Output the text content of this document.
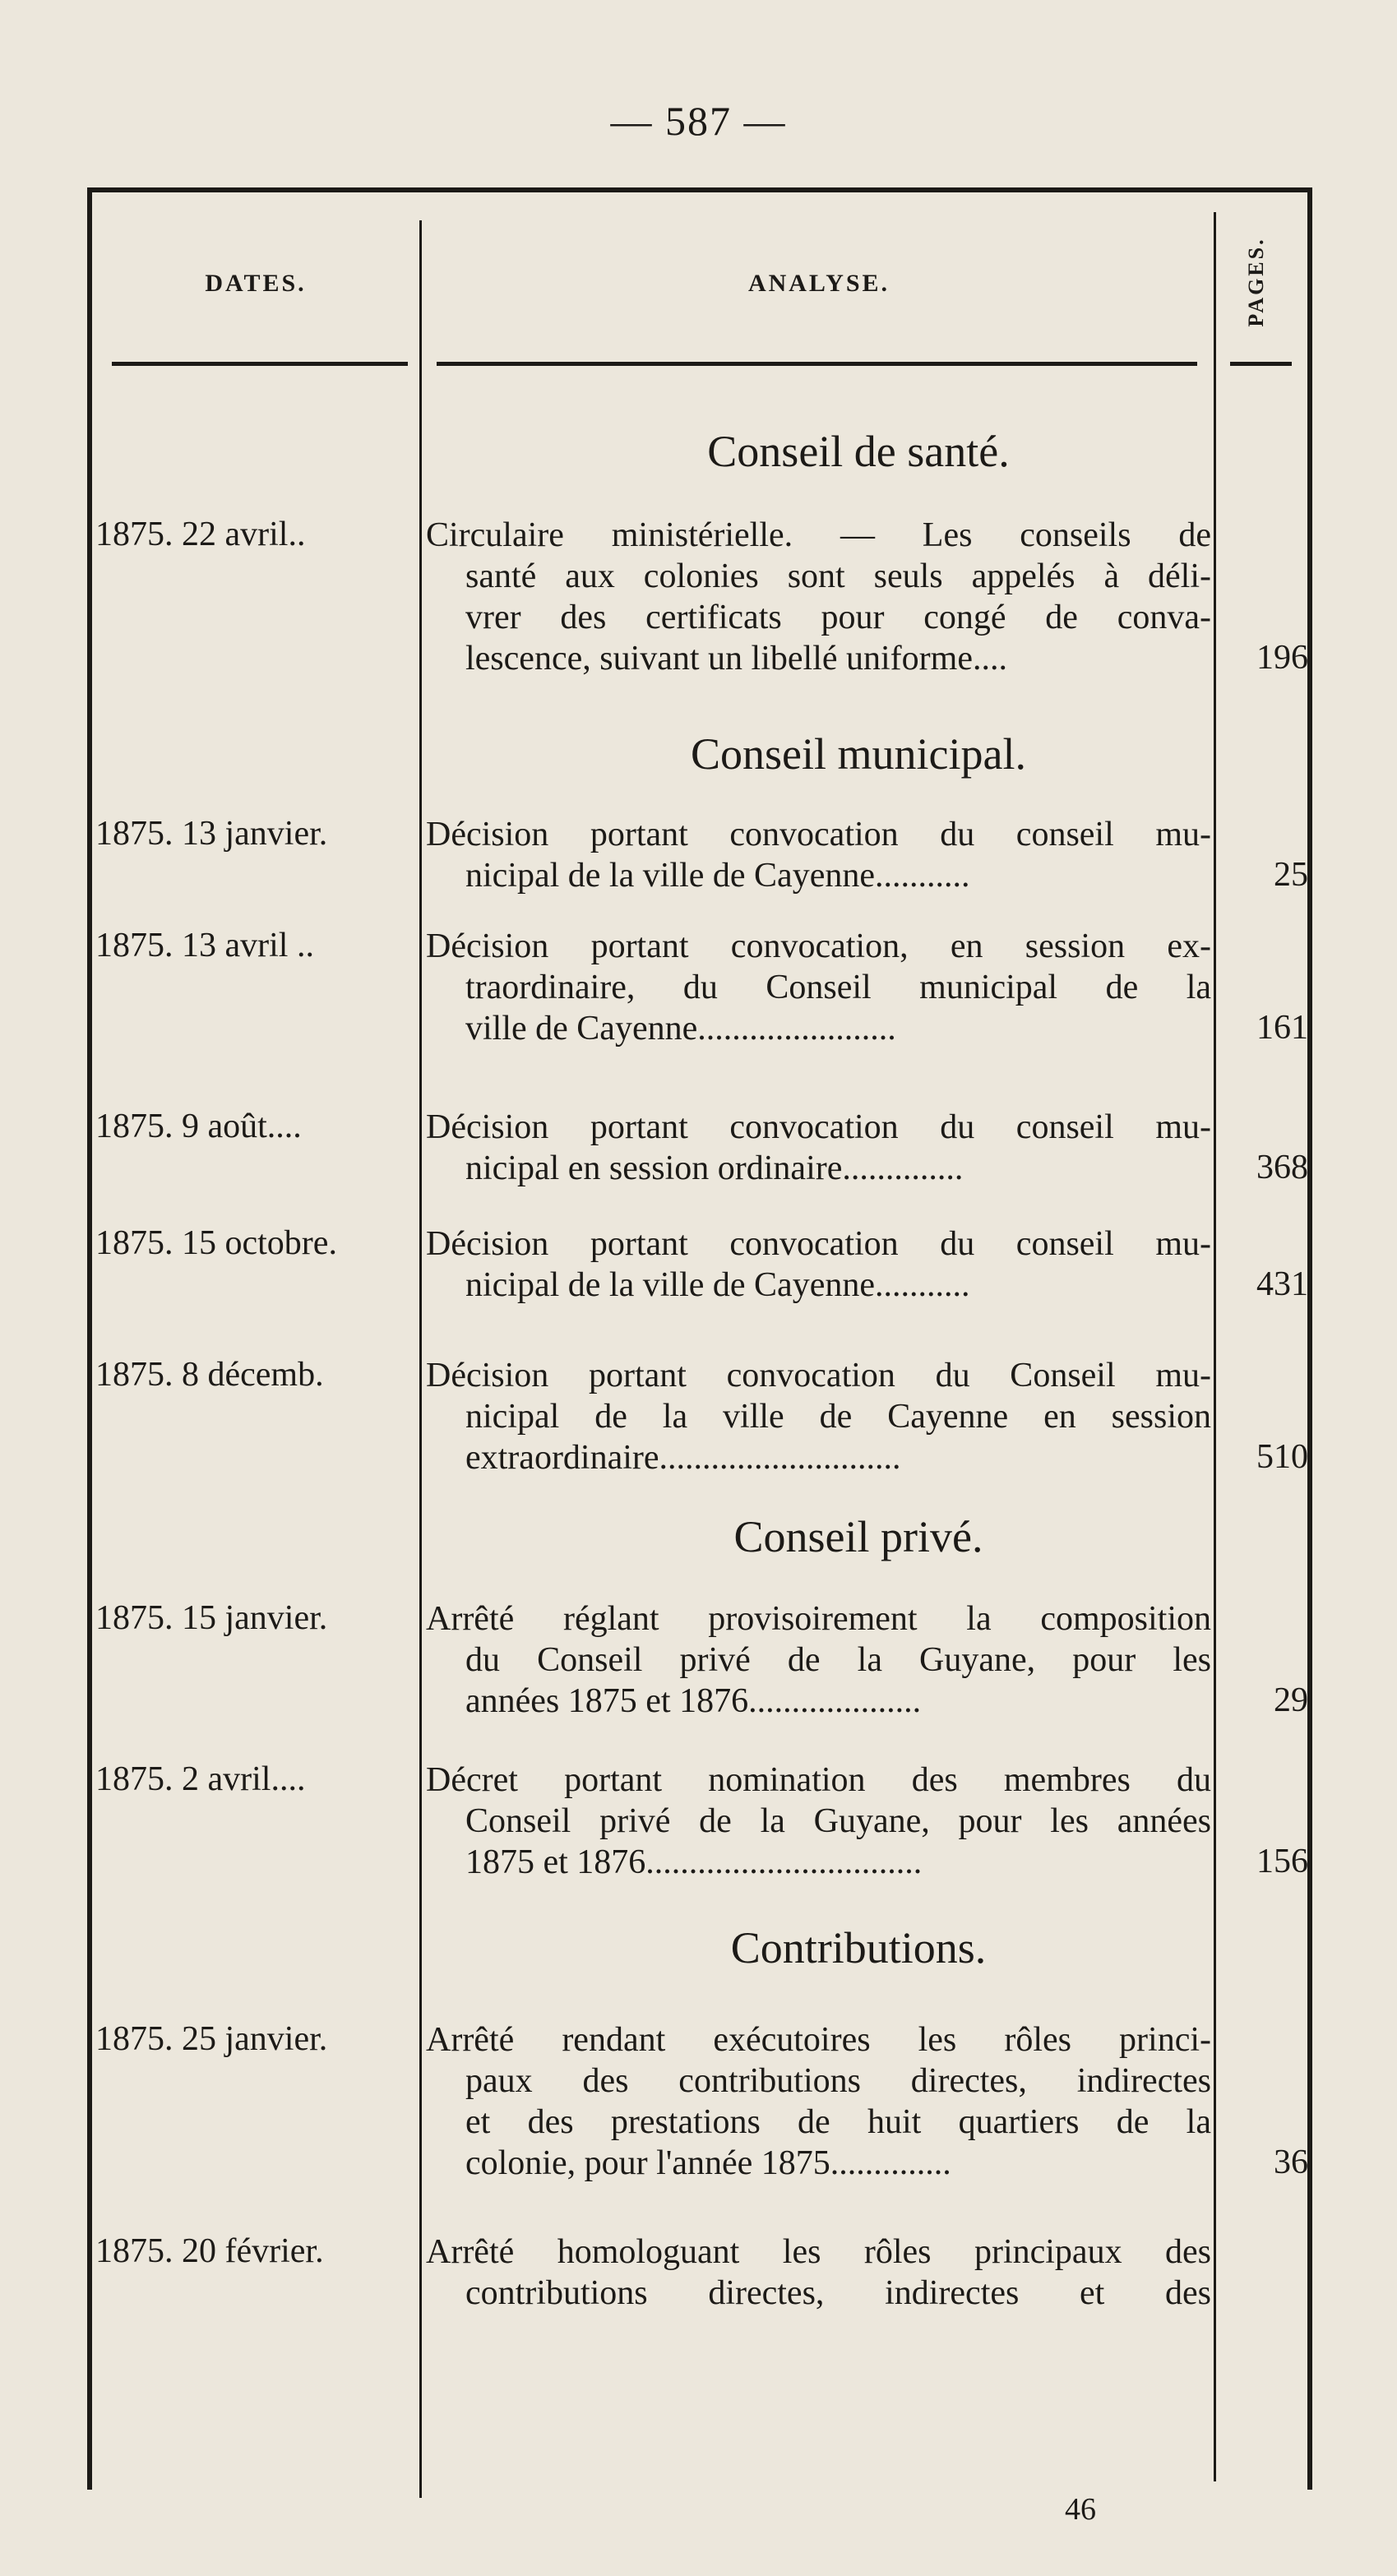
— 587 —
DATES.	ANALYSE.	PAGES.
Conseil de santé.
1875. 22 avril..	Circulaire ministérielle. — Les conseils de
santé aux colonies sont seuls appelés à déli-
vrer des certificats pour congé de conva-
lescence, suivant un libellé uniforme....	196
Conseil municipal.
1875. 13 janvier.	Décision portant convocation du conseil mu-
nicipal de la ville de Cayenne...........	25
1875. 13 avril ..	Décision portant convocation, en session ex-
traordinaire, du Conseil municipal de la
ville de Cayenne.......................	161
1875. 9 août....	Décision portant convocation du conseil mu-
nicipal en session ordinaire..............	368
1875. 15 octobre.	Décision portant convocation du conseil mu-
nicipal de la ville de Cayenne...........	431
1875. 8 décemb.	Décision portant convocation du Conseil mu-
nicipal de la ville de Cayenne en session
extraordinaire............................	510
Conseil privé.
1875. 15 janvier.	Arrêté réglant provisoirement la composition
du Conseil privé de la Guyane, pour les
années 1875 et 1876....................	29
1875. 2 avril....	Décret portant nomination des membres du
Conseil privé de la Guyane, pour les années
1875 et 1876................................	156
Contributions.
1875. 25 janvier.	Arrêté rendant exécutoires les rôles princi-
paux des contributions directes, indirectes
et des prestations de huit quartiers de la
colonie, pour l'année 1875..............	36
1875. 20 février.	Arrêté homologuant les rôles principaux des
contributions directes, indirectes et des
46
